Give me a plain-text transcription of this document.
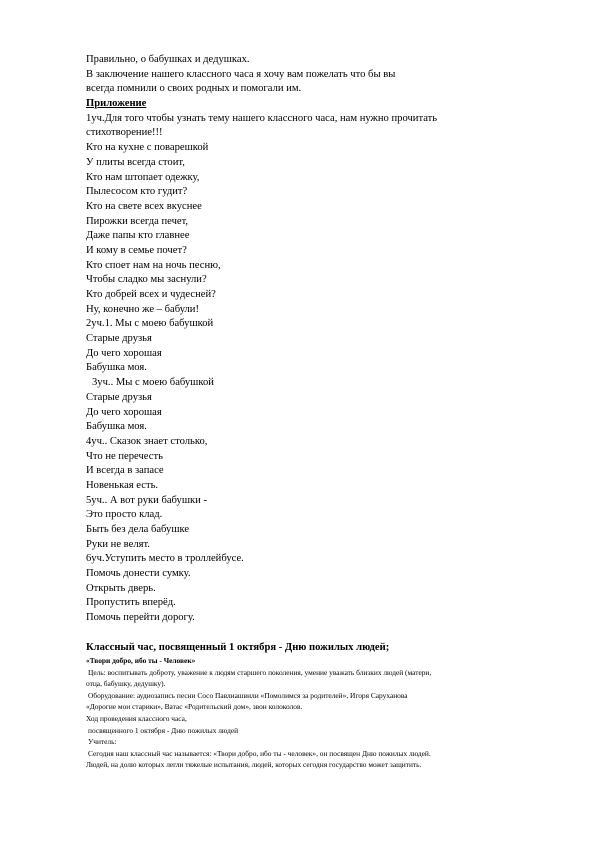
Правильно, о бабушках и дедушках.
В заключение нашего классного часа я хочу вам пожелать что бы вы
всегда помнили о своих родных и помогали им.
Приложение
1уч.Для того чтобы узнать тему нашего классного часа, нам нужно прочитать
стихотворение!!!
Кто на кухне с поварешкой
У плиты всегда стоит,
Кто нам штопает одежку,
Пылесосом кто гудит?
Кто на свете всех вкуснее
Пирожки всегда печет,
Даже папы кто главнее
И кому в семье почет?
Кто споет нам на ночь песню,
Чтобы сладко мы заснули?
Кто добрей всех и чудесней?
Ну, конечно же – бабули!
2уч.1. Мы с моею бабушкой
Старые друзья
До чего хорошая
Бабушка моя.
3уч.. Мы с моею бабушкой
Старые друзья
До чего хорошая
Бабушка моя.
4уч.. Сказок знает столько,
Что не перечесть
И всегда в запасе
Новенькая есть.
5уч.. А вот руки бабушки -
Это просто клад.
Быть без дела бабушке
Руки не велят.
6уч.Уступить место в троллейбусе.
Помочь донести сумку.
Открыть дверь.
Пропустить вперёд.
Помочь перейти дорогу.
Классный час, посвященный 1 октября - Дню пожилых людей;
«Твори добро, ибо ты - Человек»
Цель: воспитывать доброту, уважение к людям старшего поколения, умение уважать близких людей (матери,
отца, бабушку, дедушку).
Оборудование: аудиозапись песни Сосо Павлиашвили «Помолимся за родителей», Игоря Саруханова
«Дорогие мои старики», Ватас «Родительский дом», звон колоколов.
Ход проведения классного часа,
посвященного 1 октября - Дню пожилых людей
Учитель:
Сегодня наш классный час называется: «Твори добро, ибо ты - человек», он посвящен Дню пожилых людей.
Людей, на долю которых легли тяжелые испытания, людей, которых сегодня государство может защитить.
